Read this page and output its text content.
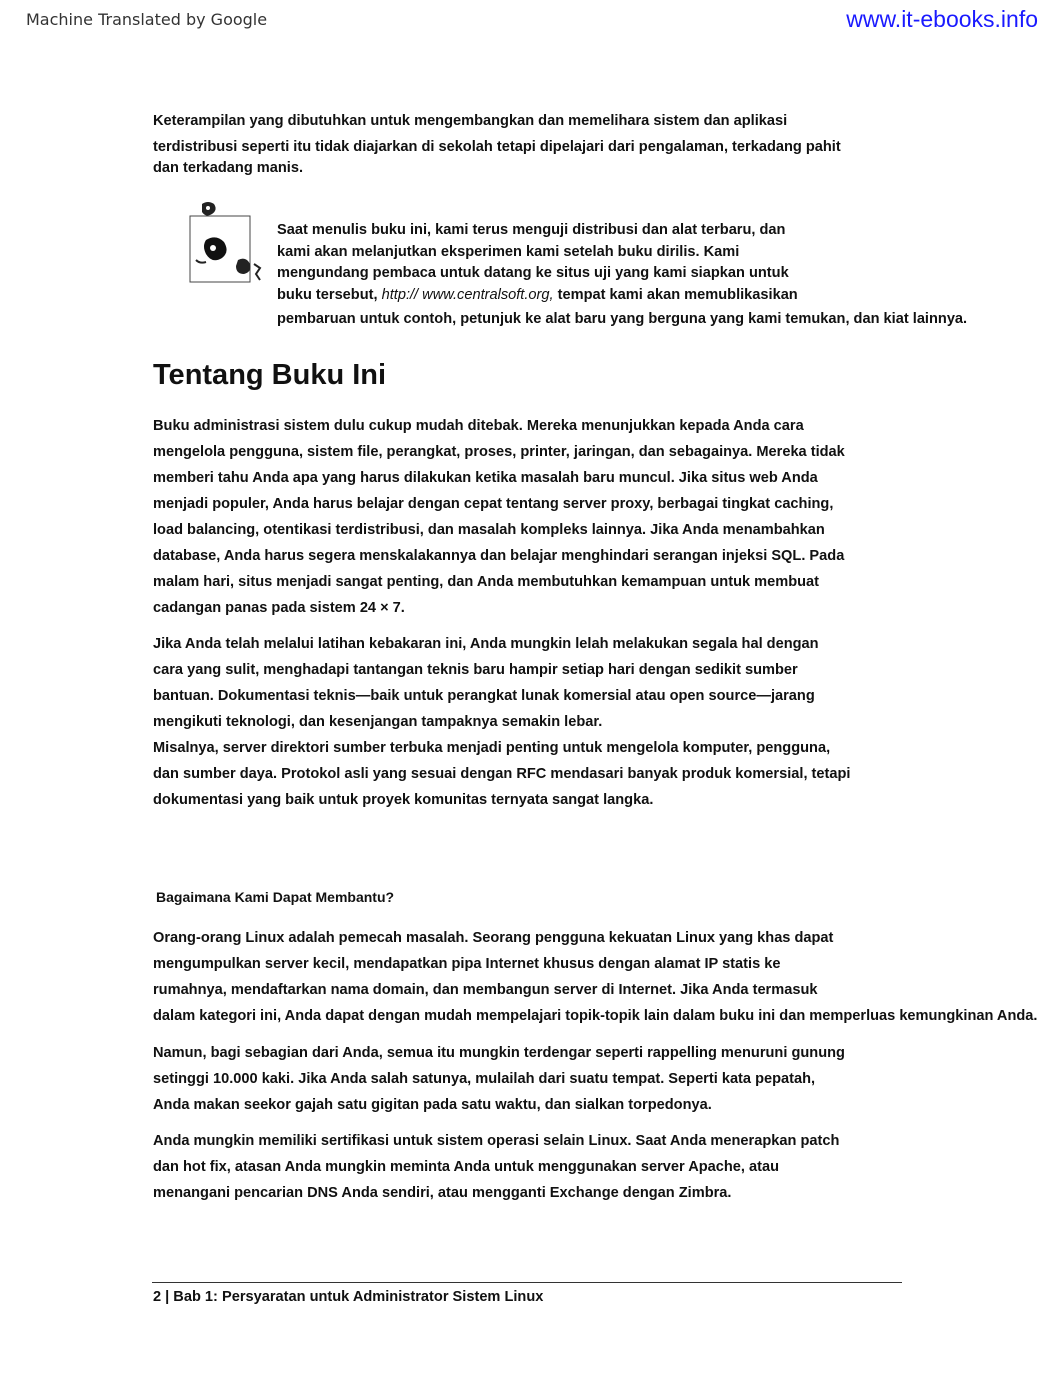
Machine Translated by Google	www.it-ebooks.info
Keterampilan yang dibutuhkan untuk mengembangkan dan memelihara sistem dan aplikasi
terdistribusi seperti itu tidak diajarkan di sekolah tetapi dipelajari dari pengalaman, terkadang pahit
dan terkadang manis.
Saat menulis buku ini, kami terus menguji distribusi dan alat terbaru, dan
kami akan melanjutkan eksperimen kami setelah buku dirilis. Kami
mengundang pembaca untuk datang ke situs uji yang kami siapkan untuk
buku tersebut, http:// www.centralsoft.org, tempat kami akan memublikasikan
pembaruan untuk contoh, petunjuk ke alat baru yang berguna yang kami temukan, dan kiat lainnya.
Tentang Buku Ini
Buku administrasi sistem dulu cukup mudah ditebak. Mereka menunjukkan kepada Anda cara
mengelola pengguna, sistem file, perangkat, proses, printer, jaringan, dan sebagainya. Mereka tidak
memberi tahu Anda apa yang harus dilakukan ketika masalah baru muncul. Jika situs web Anda
menjadi populer, Anda harus belajar dengan cepat tentang server proxy, berbagai tingkat caching,
load balancing, otentikasi terdistribusi, dan masalah kompleks lainnya. Jika Anda menambahkan
database, Anda harus segera menskalakannya dan belajar menghindari serangan injeksi SQL. Pada
malam hari, situs menjadi sangat penting, dan Anda membutuhkan kemampuan untuk membuat
cadangan panas pada sistem 24 × 7.
Jika Anda telah melalui latihan kebakaran ini, Anda mungkin lelah melakukan segala hal dengan
cara yang sulit, menghadapi tantangan teknis baru hampir setiap hari dengan sedikit sumber
bantuan. Dokumentasi teknis—baik untuk perangkat lunak komersial atau open source—jarang
mengikuti teknologi, dan kesenjangan tampaknya semakin lebar.
Misalnya, server direktori sumber terbuka menjadi penting untuk mengelola komputer, pengguna,
dan sumber daya. Protokol asli yang sesuai dengan RFC mendasari banyak produk komersial, tetapi
dokumentasi yang baik untuk proyek komunitas ternyata sangat langka.
Bagaimana Kami Dapat Membantu?
Orang-orang Linux adalah pemecah masalah. Seorang pengguna kekuatan Linux yang khas dapat
mengumpulkan server kecil, mendapatkan pipa Internet khusus dengan alamat IP statis ke
rumahnya, mendaftarkan nama domain, dan membangun server di Internet. Jika Anda termasuk
dalam kategori ini, Anda dapat dengan mudah mempelajari topik-topik lain dalam buku ini dan memperluas kemungkinan Anda.
Namun, bagi sebagian dari Anda, semua itu mungkin terdengar seperti rappelling menuruni gunung
setinggi 10.000 kaki. Jika Anda salah satunya, mulailah dari suatu tempat. Seperti kata pepatah,
Anda makan seekor gajah satu gigitan pada satu waktu, dan sialkan torpedonya.
Anda mungkin memiliki sertifikasi untuk sistem operasi selain Linux. Saat Anda menerapkan patch
dan hot fix, atasan Anda mungkin meminta Anda untuk menggunakan server Apache, atau
menangani pencarian DNS Anda sendiri, atau mengganti Exchange dengan Zimbra.
2 | Bab 1: Persyaratan untuk Administrator Sistem Linux
